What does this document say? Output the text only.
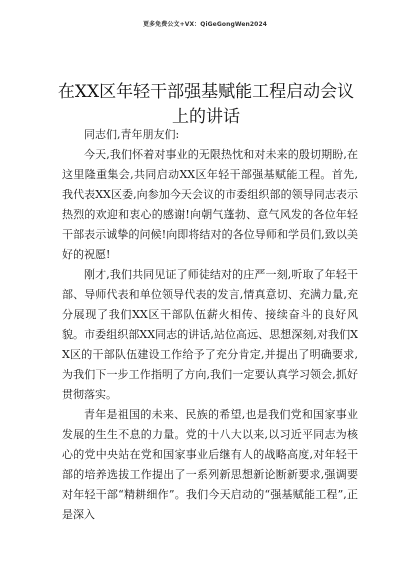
更多免费公文+VX：QiGeGongWen2024
在XX区年轻干部强基赋能工程启动会议上的讲话

同志们,青年朋友们:

今天,我们怀着对事业的无限热忱和对未来的殷切期盼,在这里隆重集会,共同启动XX区年轻干部强基赋能工程。首先,我代表XX区委,向参加今天会议的市委组织部的领导同志表示热烈的欢迎和衷心的感谢!向朝气蓬勃、意气风发的各位年轻干部表示诚挚的问候!向即将结对的各位导师和学员们,致以美好的祝愿!

刚才,我们共同见证了师徒结对的庄严一刻,听取了年轻干部、导师代表和单位领导代表的发言,情真意切、充满力量,充分展现了我们XX区干部队伍薪火相传、接续奋斗的良好风貌。市委组织部XX同志的讲话,站位高远、思想深刻,对我们XX区的干部队伍建设工作给予了充分肯定,并提出了明确要求,为我们下一步工作指明了方向,我们一定要认真学习领会,抓好贯彻落实。

青年是祖国的未来、民族的希望,也是我们党和国家事业发展的生生不息的力量。党的十八大以来,以习近平同志为核心的党中央站在党和国家事业后继有人的战略高度,对年轻干部的培养选拔工作提出了一系列新思想新论断新要求,强调要对年轻干部“精耕细作”。我们今天启动的“强基赋能工程”,正是深入
